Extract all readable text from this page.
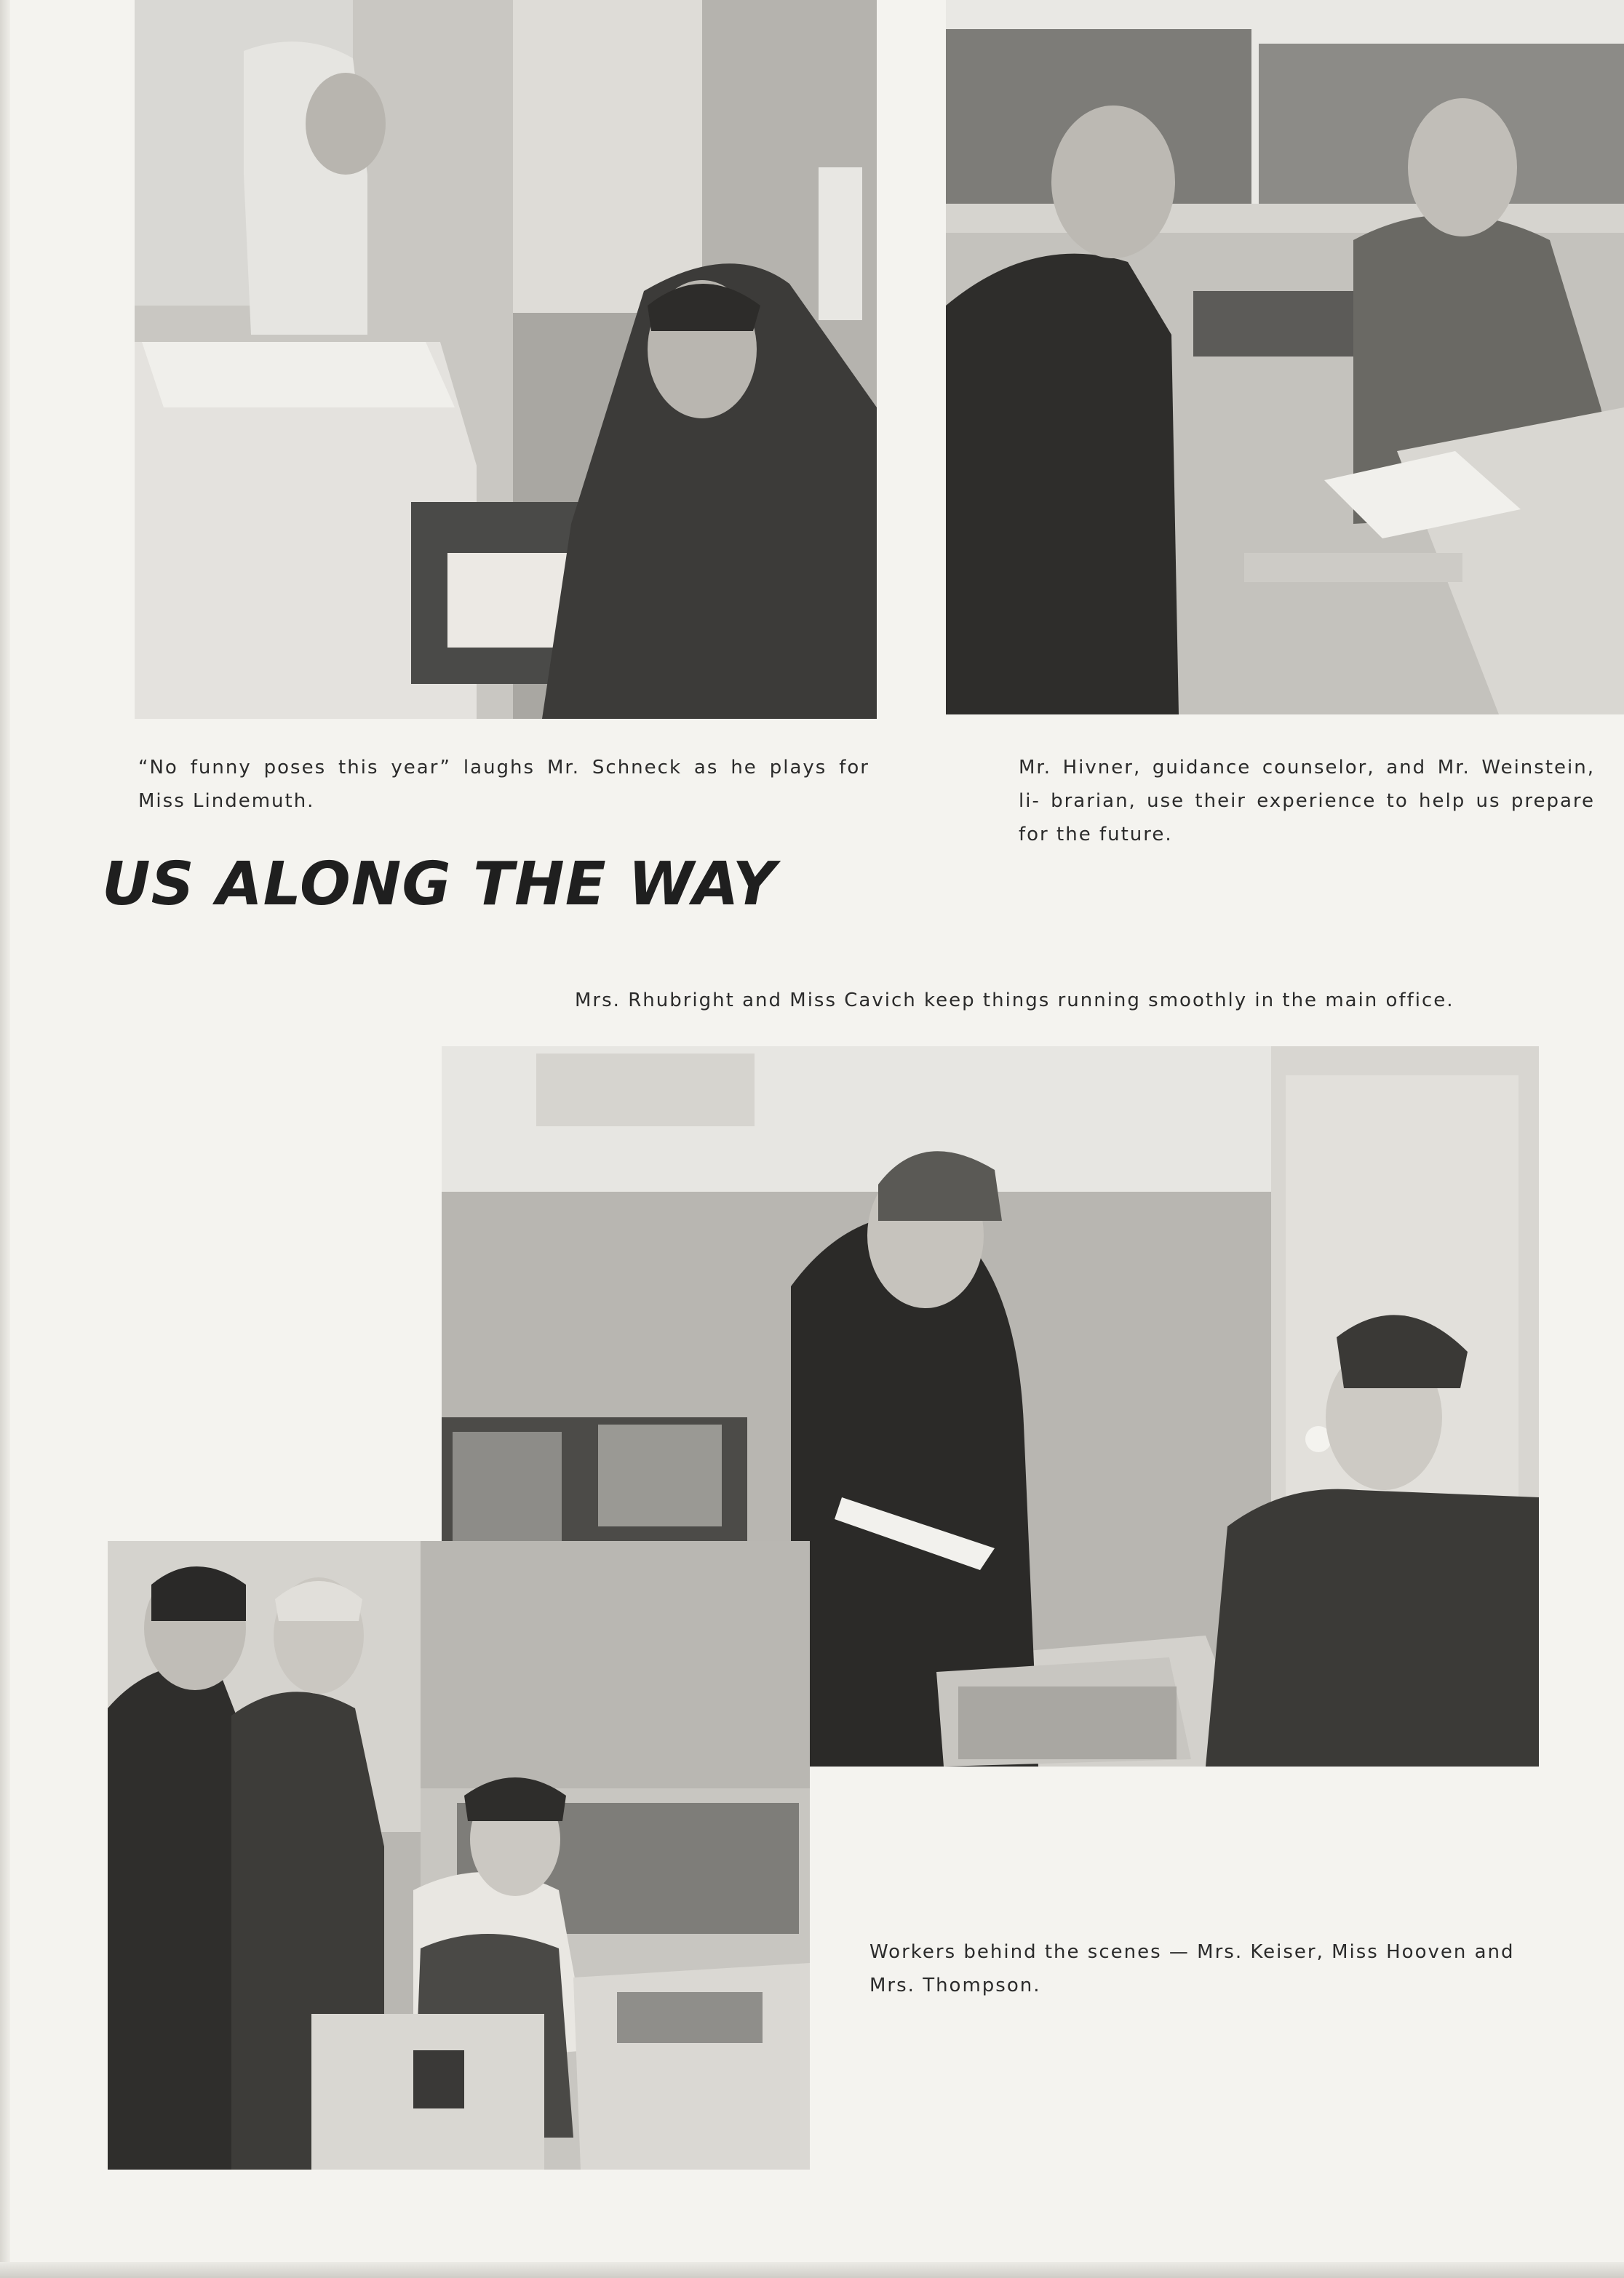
“No funny poses this year” laughs Mr. Schneck as he plays for Miss Lindemuth.

Mr. Hivner, guidance counselor, and Mr. Weinstein, li- brarian, use their experience to help us prepare for the future.

US ALONG THE WAY

Mrs. Rhubright and Miss Cavich keep things running smoothly in the main office.

Workers behind the scenes — Mrs. Keiser, Miss Hooven and Mrs. Thompson.
